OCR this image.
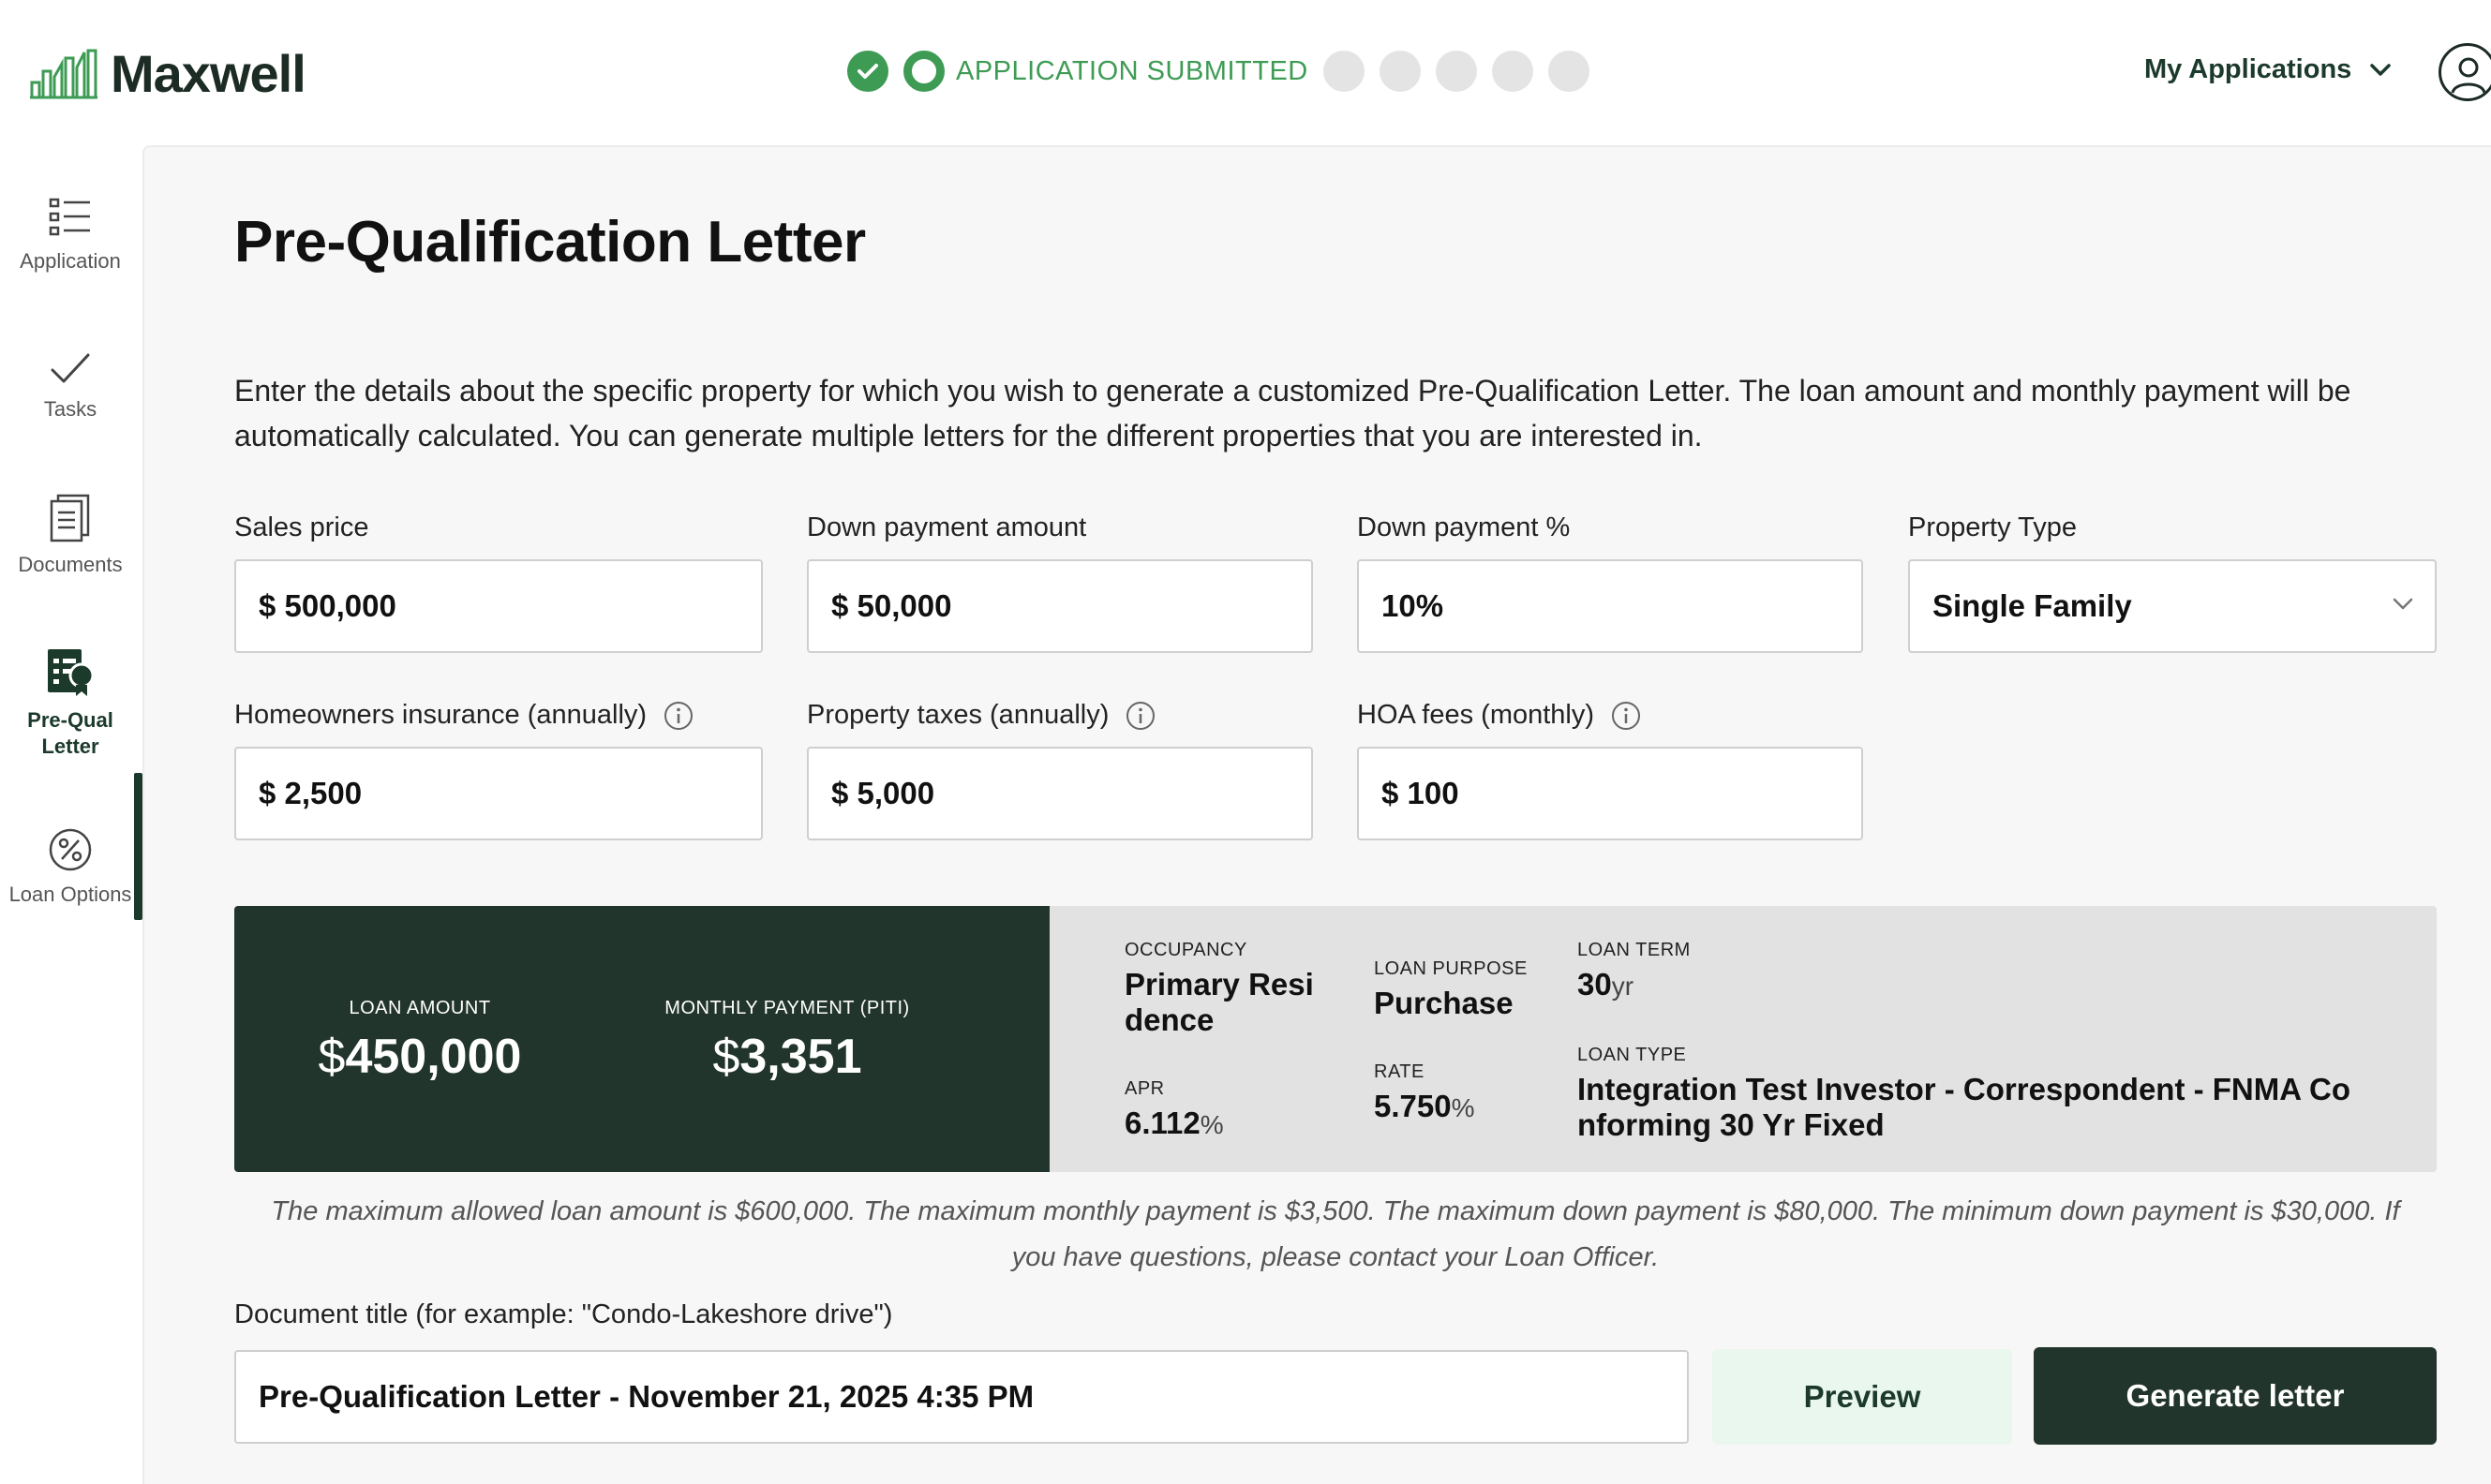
Maxwell	APPLICATION SUBMITTED	My Applications
Application
Tasks
Documents
Pre-Qual Letter
Loan Options
Pre-Qualification Letter

Enter the details about the specific property for which you wish to generate a customized Pre-Qualification Letter. The loan amount and monthly payment will be automatically calculated. You can generate multiple letters for the different properties that you are interested in.

Sales price
$ 500,000
Down payment amount
$ 50,000
Down payment %
10%
Property Type
Single Family
Homeowners insurance (annually)
$ 2,500
Property taxes (annually)
$ 5,000
HOA fees (monthly)
$ 100
LOAN AMOUNT
$450,000
MONTHLY PAYMENT (PITI)
$3,351
OCCUPANCY
Primary Resi
dence
APR
6.112%
LOAN PURPOSE
Purchase
RATE
5.750%
LOAN TERM
30yr
LOAN TYPE
Integration Test Investor - Correspondent - FNMA Co
nforming 30 Yr Fixed
The maximum allowed loan amount is $600,000. The maximum monthly payment is $3,500. The maximum down payment is $80,000. The minimum down payment is $30,000. If
you have questions, please contact your Loan Officer.
Document title (for example: "Condo-Lakeshore drive")
Pre-Qualification Letter - November 21, 2025 4:35 PM	Preview	Generate letter
